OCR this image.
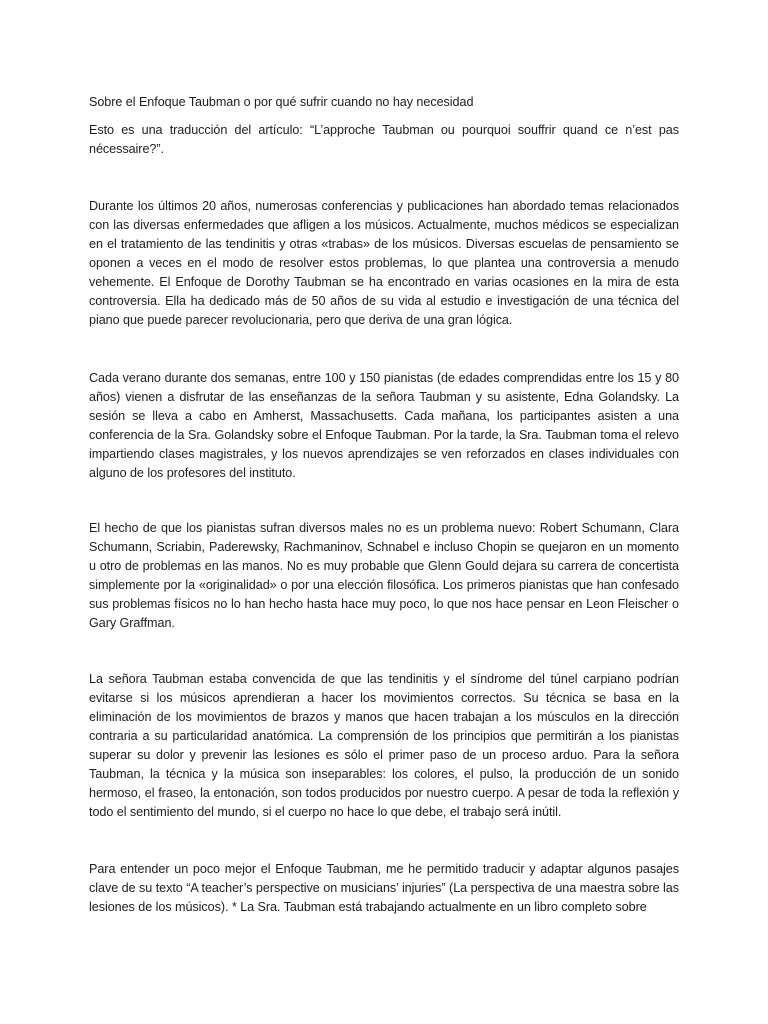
Sobre el Enfoque Taubman o por qué sufrir cuando no hay necesidad

Esto es una traducción del artículo: “L’approche Taubman ou pourquoi souffrir quand ce n’est pas nécessaire?”.

Durante los últimos 20 años, numerosas conferencias y publicaciones han abordado temas relacionados con las diversas enfermedades que afligen a los músicos. Actualmente, muchos médicos se especializan en el tratamiento de las tendinitis y otras «trabas» de los músicos. Diversas escuelas de pensamiento se oponen a veces en el modo de resolver estos problemas, lo que plantea una controversia a menudo vehemente. El Enfoque de Dorothy Taubman se ha encontrado en varias ocasiones en la mira de esta controversia. Ella ha dedicado más de 50 años de su vida al estudio e investigación de una técnica del piano que puede parecer revolucionaria, pero que deriva de una gran lógica.

Cada verano durante dos semanas, entre 100 y 150 pianistas (de edades comprendidas entre los 15 y 80 años) vienen a disfrutar de las enseñanzas de la señora Taubman y su asistente, Edna Golandsky. La sesión se lleva a cabo en Amherst, Massachusetts. Cada mañana, los participantes asisten a una conferencia de la Sra. Golandsky sobre el Enfoque Taubman. Por la tarde, la Sra. Taubman toma el relevo impartiendo clases magistrales, y los nuevos aprendizajes se ven reforzados en clases individuales con alguno de los profesores del instituto.

El hecho de que los pianistas sufran diversos males no es un problema nuevo: Robert Schumann, Clara Schumann, Scriabin, Paderewsky, Rachmaninov, Schnabel e incluso Chopin se quejaron en un momento u otro de problemas en las manos. No es muy probable que Glenn Gould dejara su carrera de concertista simplemente por la «originalidad» o por una elección filosófica. Los primeros pianistas que han confesado sus problemas físicos no lo han hecho hasta hace muy poco, lo que nos hace pensar en Leon Fleischer o Gary Graffman.

La señora Taubman estaba convencida de que las tendinitis y el síndrome del túnel carpiano podrían evitarse si los músicos aprendieran a hacer los movimientos correctos. Su técnica se basa en la eliminación de los movimientos de brazos y manos que hacen trabajan a los músculos en la dirección contraria a su particularidad anatómica. La comprensión de los principios que permitirán a los pianistas superar su dolor y prevenir las lesiones es sólo el primer paso de un proceso arduo. Para la señora Taubman, la técnica y la música son inseparables: los colores, el pulso, la producción de un sonido hermoso, el fraseo, la entonación, son todos producidos por nuestro cuerpo. A pesar de toda la reflexión y todo el sentimiento del mundo, si el cuerpo no hace lo que debe, el trabajo será inútil.

Para entender un poco mejor el Enfoque Taubman, me he permitido traducir y adaptar algunos pasajes clave de su texto “A teacher’s perspective on musicians’ injuries” (La perspectiva de una maestra sobre las lesiones de los músicos). * La Sra. Taubman está trabajando actualmente en un libro completo sobre
